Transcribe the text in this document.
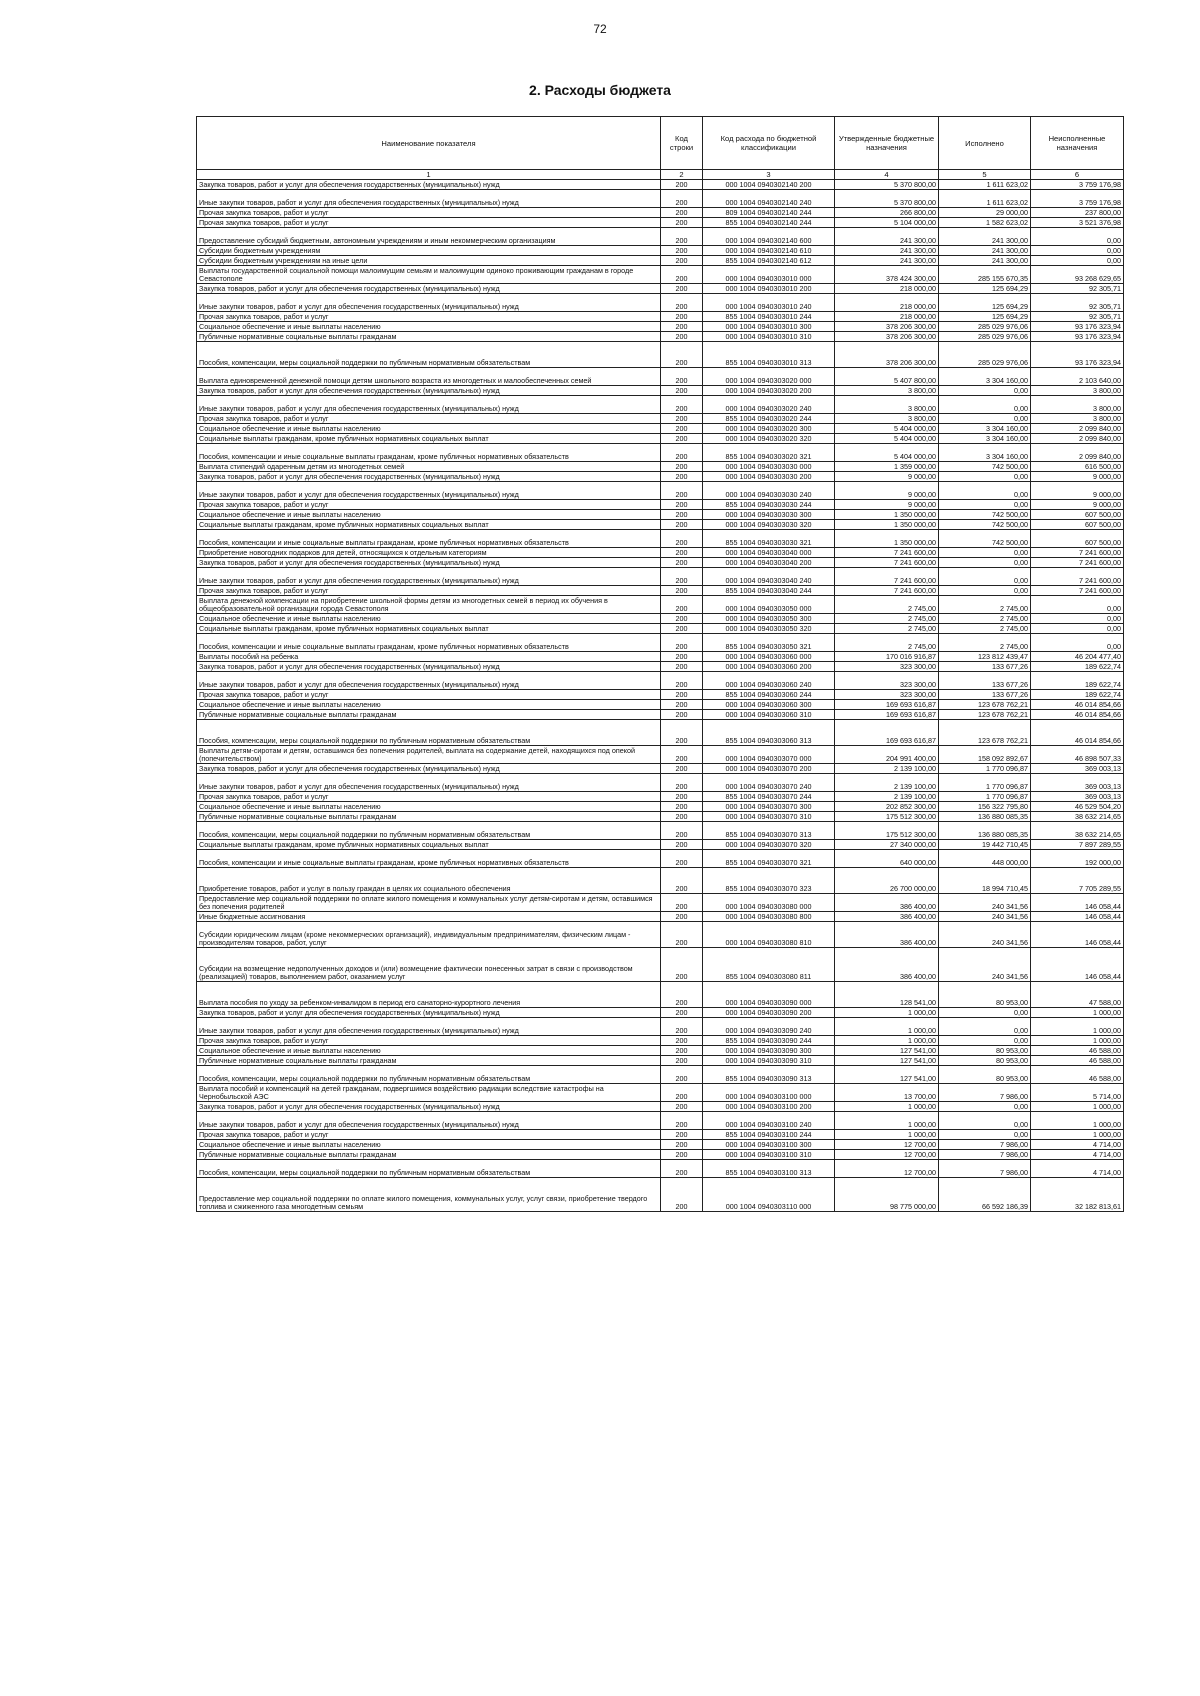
72
2. Расходы бюджета
Наименование показателя	Код строки	Код расхода по бюджетной классификации	Утвержденные бюджетные назначения	Исполнено	Неисполненные назначения
1	2	3	4	5	6
Закупка товаров, работ и услуг для обеспечения государственных (муниципальных) нужд	200	000 1004 0940302140 200	5 370 800,00	1 611 623,02	3 759 176,98
Иные закупки товаров, работ и услуг для обеспечения государственных (муниципальных) нужд	200	000 1004 0940302140 240	5 370 800,00	1 611 623,02	3 759 176,98
Прочая закупка товаров, работ и услуг	200	809 1004 0940302140 244	266 800,00	29 000,00	237 800,00
Прочая закупка товаров, работ и услуг	200	855 1004 0940302140 244	5 104 000,00	1 582 623,02	3 521 376,98
Предоставление субсидий бюджетным, автономным учреждениям и иным некоммерческим организациям	200	000 1004 0940302140 600	241 300,00	241 300,00	0,00
Субсидии бюджетным учреждениям	200	000 1004 0940302140 610	241 300,00	241 300,00	0,00
Субсидии бюджетным учреждениям на иные цели	200	855 1004 0940302140 612	241 300,00	241 300,00	0,00
Выплаты государственной социальной помощи малоимущим семьям и малоимущим одиноко проживающим гражданам в городе Севастополе	200	000 1004 0940303010 000	378 424 300,00	285 155 670,35	93 268 629,65
Закупка товаров, работ и услуг для обеспечения государственных (муниципальных) нужд	200	000 1004 0940303010 200	218 000,00	125 694,29	92 305,71
Иные закупки товаров, работ и услуг для обеспечения государственных (муниципальных) нужд	200	000 1004 0940303010 240	218 000,00	125 694,29	92 305,71
Прочая закупка товаров, работ и услуг	200	855 1004 0940303010 244	218 000,00	125 694,29	92 305,71
Социальное обеспечение и иные выплаты населению	200	000 1004 0940303010 300	378 206 300,00	285 029 976,06	93 176 323,94
Публичные нормативные социальные выплаты гражданам	200	000 1004 0940303010 310	378 206 300,00	285 029 976,06	93 176 323,94
Пособия, компенсации, меры социальной поддержки по публичным нормативным обязательствам	200	855 1004 0940303010 313	378 206 300,00	285 029 976,06	93 176 323,94
Выплата единовременной денежной помощи детям школьного возраста из многодетных и малообеспеченных семей	200	000 1004 0940303020 000	5 407 800,00	3 304 160,00	2 103 640,00
Закупка товаров, работ и услуг для обеспечения государственных (муниципальных) нужд	200	000 1004 0940303020 200	3 800,00	0,00	3 800,00
Иные закупки товаров, работ и услуг для обеспечения государственных (муниципальных) нужд	200	000 1004 0940303020 240	3 800,00	0,00	3 800,00
Прочая закупка товаров, работ и услуг	200	855 1004 0940303020 244	3 800,00	0,00	3 800,00
Социальное обеспечение и иные выплаты населению	200	000 1004 0940303020 300	5 404 000,00	3 304 160,00	2 099 840,00
Социальные выплаты гражданам, кроме публичных нормативных социальных выплат	200	000 1004 0940303020 320	5 404 000,00	3 304 160,00	2 099 840,00
Пособия, компенсации и иные социальные выплаты гражданам, кроме публичных нормативных обязательств	200	855 1004 0940303020 321	5 404 000,00	3 304 160,00	2 099 840,00
Выплата стипендий одаренным детям из многодетных семей	200	000 1004 0940303030 000	1 359 000,00	742 500,00	616 500,00
Закупка товаров, работ и услуг для обеспечения государственных (муниципальных) нужд	200	000 1004 0940303030 200	9 000,00	0,00	9 000,00
Иные закупки товаров, работ и услуг для обеспечения государственных (муниципальных) нужд	200	000 1004 0940303030 240	9 000,00	0,00	9 000,00
Прочая закупка товаров, работ и услуг	200	855 1004 0940303030 244	9 000,00	0,00	9 000,00
Социальное обеспечение и иные выплаты населению	200	000 1004 0940303030 300	1 350 000,00	742 500,00	607 500,00
Социальные выплаты гражданам, кроме публичных нормативных социальных выплат	200	000 1004 0940303030 320	1 350 000,00	742 500,00	607 500,00
Пособия, компенсации и иные социальные выплаты гражданам, кроме публичных нормативных обязательств	200	855 1004 0940303030 321	1 350 000,00	742 500,00	607 500,00
Приобретение новогодних подарков для детей, относящихся к отдельным категориям	200	000 1004 0940303040 000	7 241 600,00	0,00	7 241 600,00
Закупка товаров, работ и услуг для обеспечения государственных (муниципальных) нужд	200	000 1004 0940303040 200	7 241 600,00	0,00	7 241 600,00
Иные закупки товаров, работ и услуг для обеспечения государственных (муниципальных) нужд	200	000 1004 0940303040 240	7 241 600,00	0,00	7 241 600,00
Прочая закупка товаров, работ и услуг	200	855 1004 0940303040 244	7 241 600,00	0,00	7 241 600,00
Выплата денежной компенсации на приобретение школьной формы детям из многодетных семей в период их обучения в общеобразовательной организации города Севастополя	200	000 1004 0940303050 000	2 745,00	2 745,00	0,00
Социальное обеспечение и иные выплаты населению	200	000 1004 0940303050 300	2 745,00	2 745,00	0,00
Социальные выплаты гражданам, кроме публичных нормативных социальных выплат	200	000 1004 0940303050 320	2 745,00	2 745,00	0,00
Пособия, компенсации и иные социальные выплаты гражданам, кроме публичных нормативных обязательств	200	855 1004 0940303050 321	2 745,00	2 745,00	0,00
Выплаты пособий на ребенка	200	000 1004 0940303060 000	170 016 916,87	123 812 439,47	46 204 477,40
Закупка товаров, работ и услуг для обеспечения государственных (муниципальных) нужд	200	000 1004 0940303060 200	323 300,00	133 677,26	189 622,74
Иные закупки товаров, работ и услуг для обеспечения государственных (муниципальных) нужд	200	000 1004 0940303060 240	323 300,00	133 677,26	189 622,74
Прочая закупка товаров, работ и услуг	200	855 1004 0940303060 244	323 300,00	133 677,26	189 622,74
Социальное обеспечение и иные выплаты населению	200	000 1004 0940303060 300	169 693 616,87	123 678 762,21	46 014 854,66
Публичные нормативные социальные выплаты гражданам	200	000 1004 0940303060 310	169 693 616,87	123 678 762,21	46 014 854,66
Пособия, компенсации, меры социальной поддержки по публичным нормативным обязательствам	200	855 1004 0940303060 313	169 693 616,87	123 678 762,21	46 014 854,66
Выплаты детям-сиротам и детям, оставшимся без попечения родителей, выплата на содержание детей, находящихся под опекой (попечительством)	200	000 1004 0940303070 000	204 991 400,00	158 092 892,67	46 898 507,33
Закупка товаров, работ и услуг для обеспечения государственных (муниципальных) нужд	200	000 1004 0940303070 200	2 139 100,00	1 770 096,87	369 003,13
Иные закупки товаров, работ и услуг для обеспечения государственных (муниципальных) нужд	200	000 1004 0940303070 240	2 139 100,00	1 770 096,87	369 003,13
Прочая закупка товаров, работ и услуг	200	855 1004 0940303070 244	2 139 100,00	1 770 096,87	369 003,13
Социальное обеспечение и иные выплаты населению	200	000 1004 0940303070 300	202 852 300,00	156 322 795,80	46 529 504,20
Публичные нормативные социальные выплаты гражданам	200	000 1004 0940303070 310	175 512 300,00	136 880 085,35	38 632 214,65
Пособия, компенсации, меры социальной поддержки по публичным нормативным обязательствам	200	855 1004 0940303070 313	175 512 300,00	136 880 085,35	38 632 214,65
Социальные выплаты гражданам, кроме публичных нормативных социальных выплат	200	000 1004 0940303070 320	27 340 000,00	19 442 710,45	7 897 289,55
Пособия, компенсации и иные социальные выплаты гражданам, кроме публичных нормативных обязательств	200	855 1004 0940303070 321	640 000,00	448 000,00	192 000,00
Приобретение товаров, работ и услуг в пользу граждан в целях их социального обеспечения	200	855 1004 0940303070 323	26 700 000,00	18 994 710,45	7 705 289,55
Предоставление мер социальной поддержки по оплате жилого помещения и коммунальных услуг детям-сиротам и детям, оставшимся без попечения родителей	200	000 1004 0940303080 000	386 400,00	240 341,56	146 058,44
Иные бюджетные ассигнования	200	000 1004 0940303080 800	386 400,00	240 341,56	146 058,44
Субсидии юридическим лицам (кроме некоммерческих организаций), индивидуальным предпринимателям, физическим лицам - производителям товаров, работ, услуг	200	000 1004 0940303080 810	386 400,00	240 341,56	146 058,44
Субсидии на возмещение недополученных доходов и (или) возмещение фактически понесенных затрат в связи с производством (реализацией) товаров, выполнением работ, оказанием услуг	200	855 1004 0940303080 811	386 400,00	240 341,56	146 058,44
Выплата пособия по уходу за ребенком-инвалидом в период его санаторно-курортного лечения	200	000 1004 0940303090 000	128 541,00	80 953,00	47 588,00
Закупка товаров, работ и услуг для обеспечения государственных (муниципальных) нужд	200	000 1004 0940303090 200	1 000,00	0,00	1 000,00
Иные закупки товаров, работ и услуг для обеспечения государственных (муниципальных) нужд	200	000 1004 0940303090 240	1 000,00	0,00	1 000,00
Прочая закупка товаров, работ и услуг	200	855 1004 0940303090 244	1 000,00	0,00	1 000,00
Социальное обеспечение и иные выплаты населению	200	000 1004 0940303090 300	127 541,00	80 953,00	46 588,00
Публичные нормативные социальные выплаты гражданам	200	000 1004 0940303090 310	127 541,00	80 953,00	46 588,00
Пособия, компенсации, меры социальной поддержки по публичным нормативным обязательствам	200	855 1004 0940303090 313	127 541,00	80 953,00	46 588,00
Выплата пособий и компенсаций на детей гражданам, подвергшимся воздействию радиации вследствие катастрофы на Чернобыльской АЭС	200	000 1004 0940303100 000	13 700,00	7 986,00	5 714,00
Закупка товаров, работ и услуг для обеспечения государственных (муниципальных) нужд	200	000 1004 0940303100 200	1 000,00	0,00	1 000,00
Иные закупки товаров, работ и услуг для обеспечения государственных (муниципальных) нужд	200	000 1004 0940303100 240	1 000,00	0,00	1 000,00
Прочая закупка товаров, работ и услуг	200	855 1004 0940303100 244	1 000,00	0,00	1 000,00
Социальное обеспечение и иные выплаты населению	200	000 1004 0940303100 300	12 700,00	7 986,00	4 714,00
Публичные нормативные социальные выплаты гражданам	200	000 1004 0940303100 310	12 700,00	7 986,00	4 714,00
Пособия, компенсации, меры социальной поддержки по публичным нормативным обязательствам	200	855 1004 0940303100 313	12 700,00	7 986,00	4 714,00
Предоставление мер социальной поддержки по оплате жилого помещения, коммунальных услуг, услуг связи, приобретение твердого топлива и сжиженного газа многодетным семьям	200	000 1004 0940303110 000	98 775 000,00	66 592 186,39	32 182 813,61
